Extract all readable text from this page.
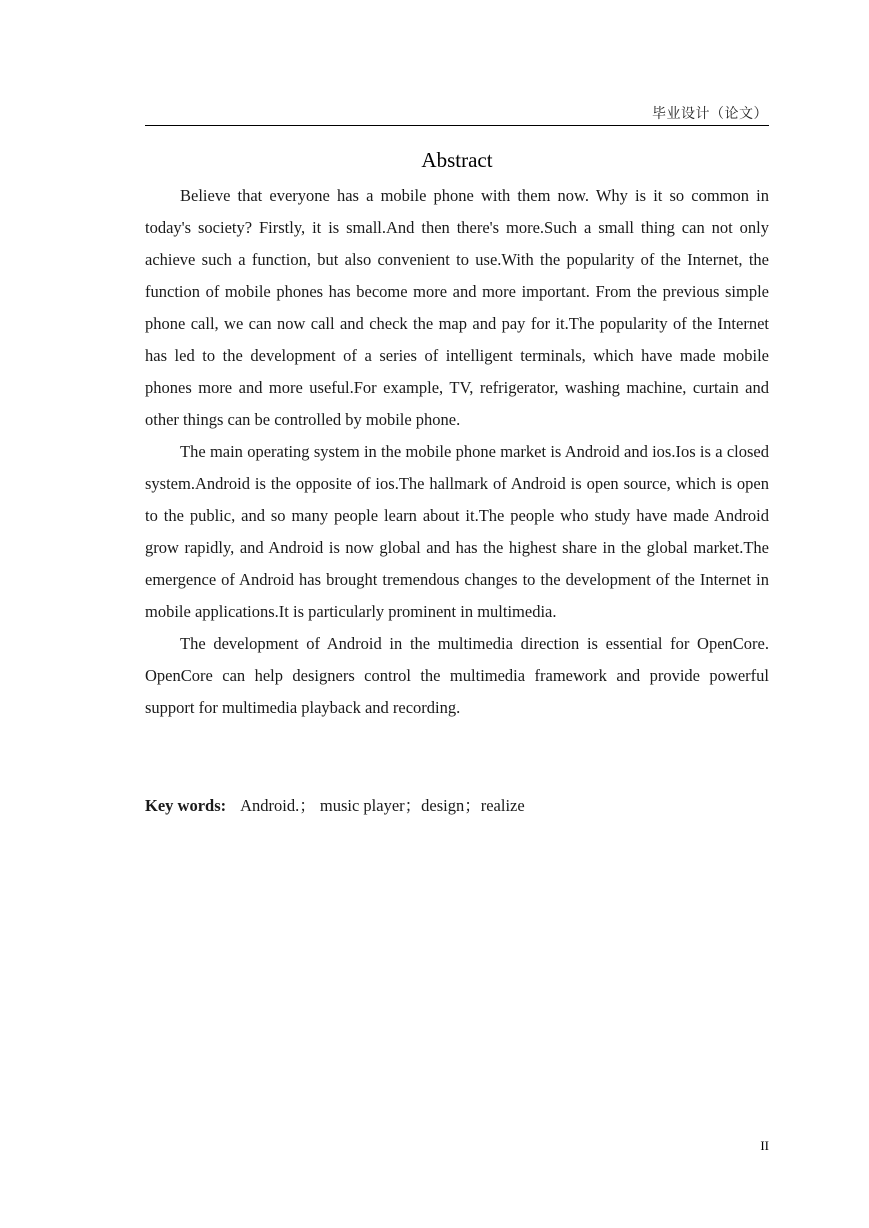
毕业设计（论文）
Abstract

Believe that everyone has a mobile phone with them now. Why is it so common in today's society? Firstly, it is small.And then there's more.Such a small thing can not only achieve such a function, but also convenient to use.With the popularity of the Internet, the function of mobile phones has become more and more important. From the previous simple phone call, we can now call and check the map and pay for it.The popularity of the Internet has led to the development of a series of intelligent terminals, which have made mobile phones more and more useful.For example, TV, refrigerator, washing machine, curtain and other things can be controlled by mobile phone.

The main operating system in the mobile phone market is Android and ios.Ios is a closed system.Android is the opposite of ios.The hallmark of Android is open source, which is open to the public, and so many people learn about it.The people who study have made Android grow rapidly, and Android is now global and has the highest share in the global market.The emergence of Android has brought tremendous changes to the development of the Internet in mobile applications.It is particularly prominent in multimedia.

The development of Android in the multimedia direction is essential for OpenCore. OpenCore can help designers control the multimedia framework and provide powerful support for multimedia playback and recording.

Key words: Android.； music player；design；realize
II
